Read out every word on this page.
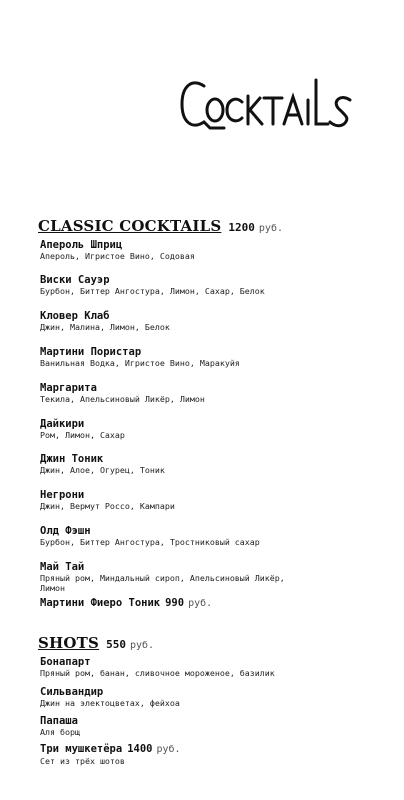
CLASSIC COCKTAILS 1200 руб.
Апероль Шприц
Апероль, Игристое Вино, Содовая
Виски Сауэр
Бурбон, Биттер Ангостура, Лимон, Сахар, Белок
Кловер Клаб
Джин, Малина, Лимон, Белок
Мартини Пористар
Ванильная Водка, Игристое Вино, Маракуйя
Маргарита
Текила, Апельсиновый Ликёр, Лимон
Дайкири
Ром, Лимон, Сахар
Джин Тоник
Джин, Алое, Огурец, Тоник
Негрони
Джин, Вермут Россо, Кампари
Олд Фэшн
Бурбон, Биттер Ангостура, Тростниковый сахар
Май Тай
Пряный ром, Миндальный сироп, Апельсиновый Ликёр,
Лимон
Мартини Фиеро Тоник 990 руб.
SHOTS 550 руб.
Бонапарт
Пряный ром, банан, сливочное мороженое, базилик
Сильвандир
Джин на электоцветах, фейхоа
Папаша
Аля борщ
Три мушкетёра 1400 руб.
Сет из трёх шотов
